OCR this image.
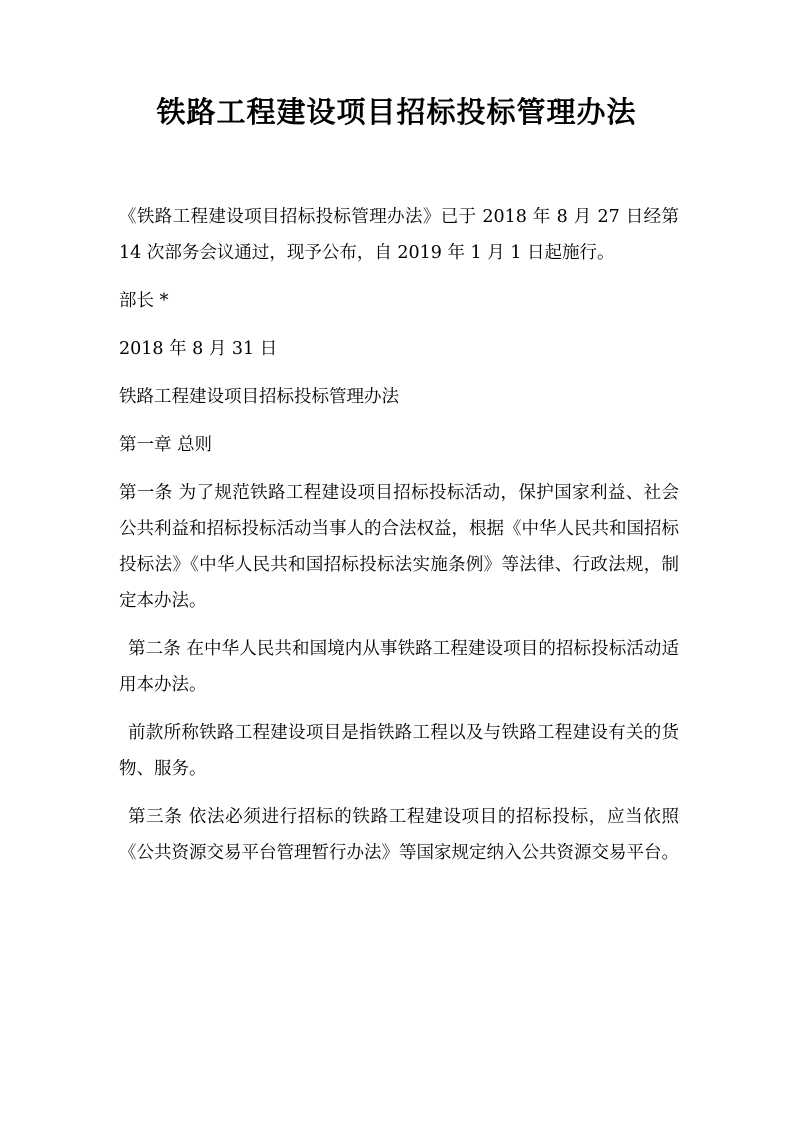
铁路工程建设项目招标投标管理办法

《铁路工程建设项目招标投标管理办法》已于 2018 年 8 月 27 日经第 14 次部务会议通过，现予公布，自 2019 年 1 月 1 日起施行。

部长 *

2018 年 8 月 31 日

铁路工程建设项目招标投标管理办法

第一章 总则

第一条 为了规范铁路工程建设项目招标投标活动，保护国家利益、社会公共利益和招标投标活动当事人的合法权益，根据《中华人民共和国招标投标法》《中华人民共和国招标投标法实施条例》等法律、行政法规，制定本办法。

第二条 在中华人民共和国境内从事铁路工程建设项目的招标投标活动适用本办法。

前款所称铁路工程建设项目是指铁路工程以及与铁路工程建设有关的货物、服务。

第三条 依法必须进行招标的铁路工程建设项目的招标投标，应当依照《公共资源交易平台管理暂行办法》等国家规定纳入公共资源交易平台。
